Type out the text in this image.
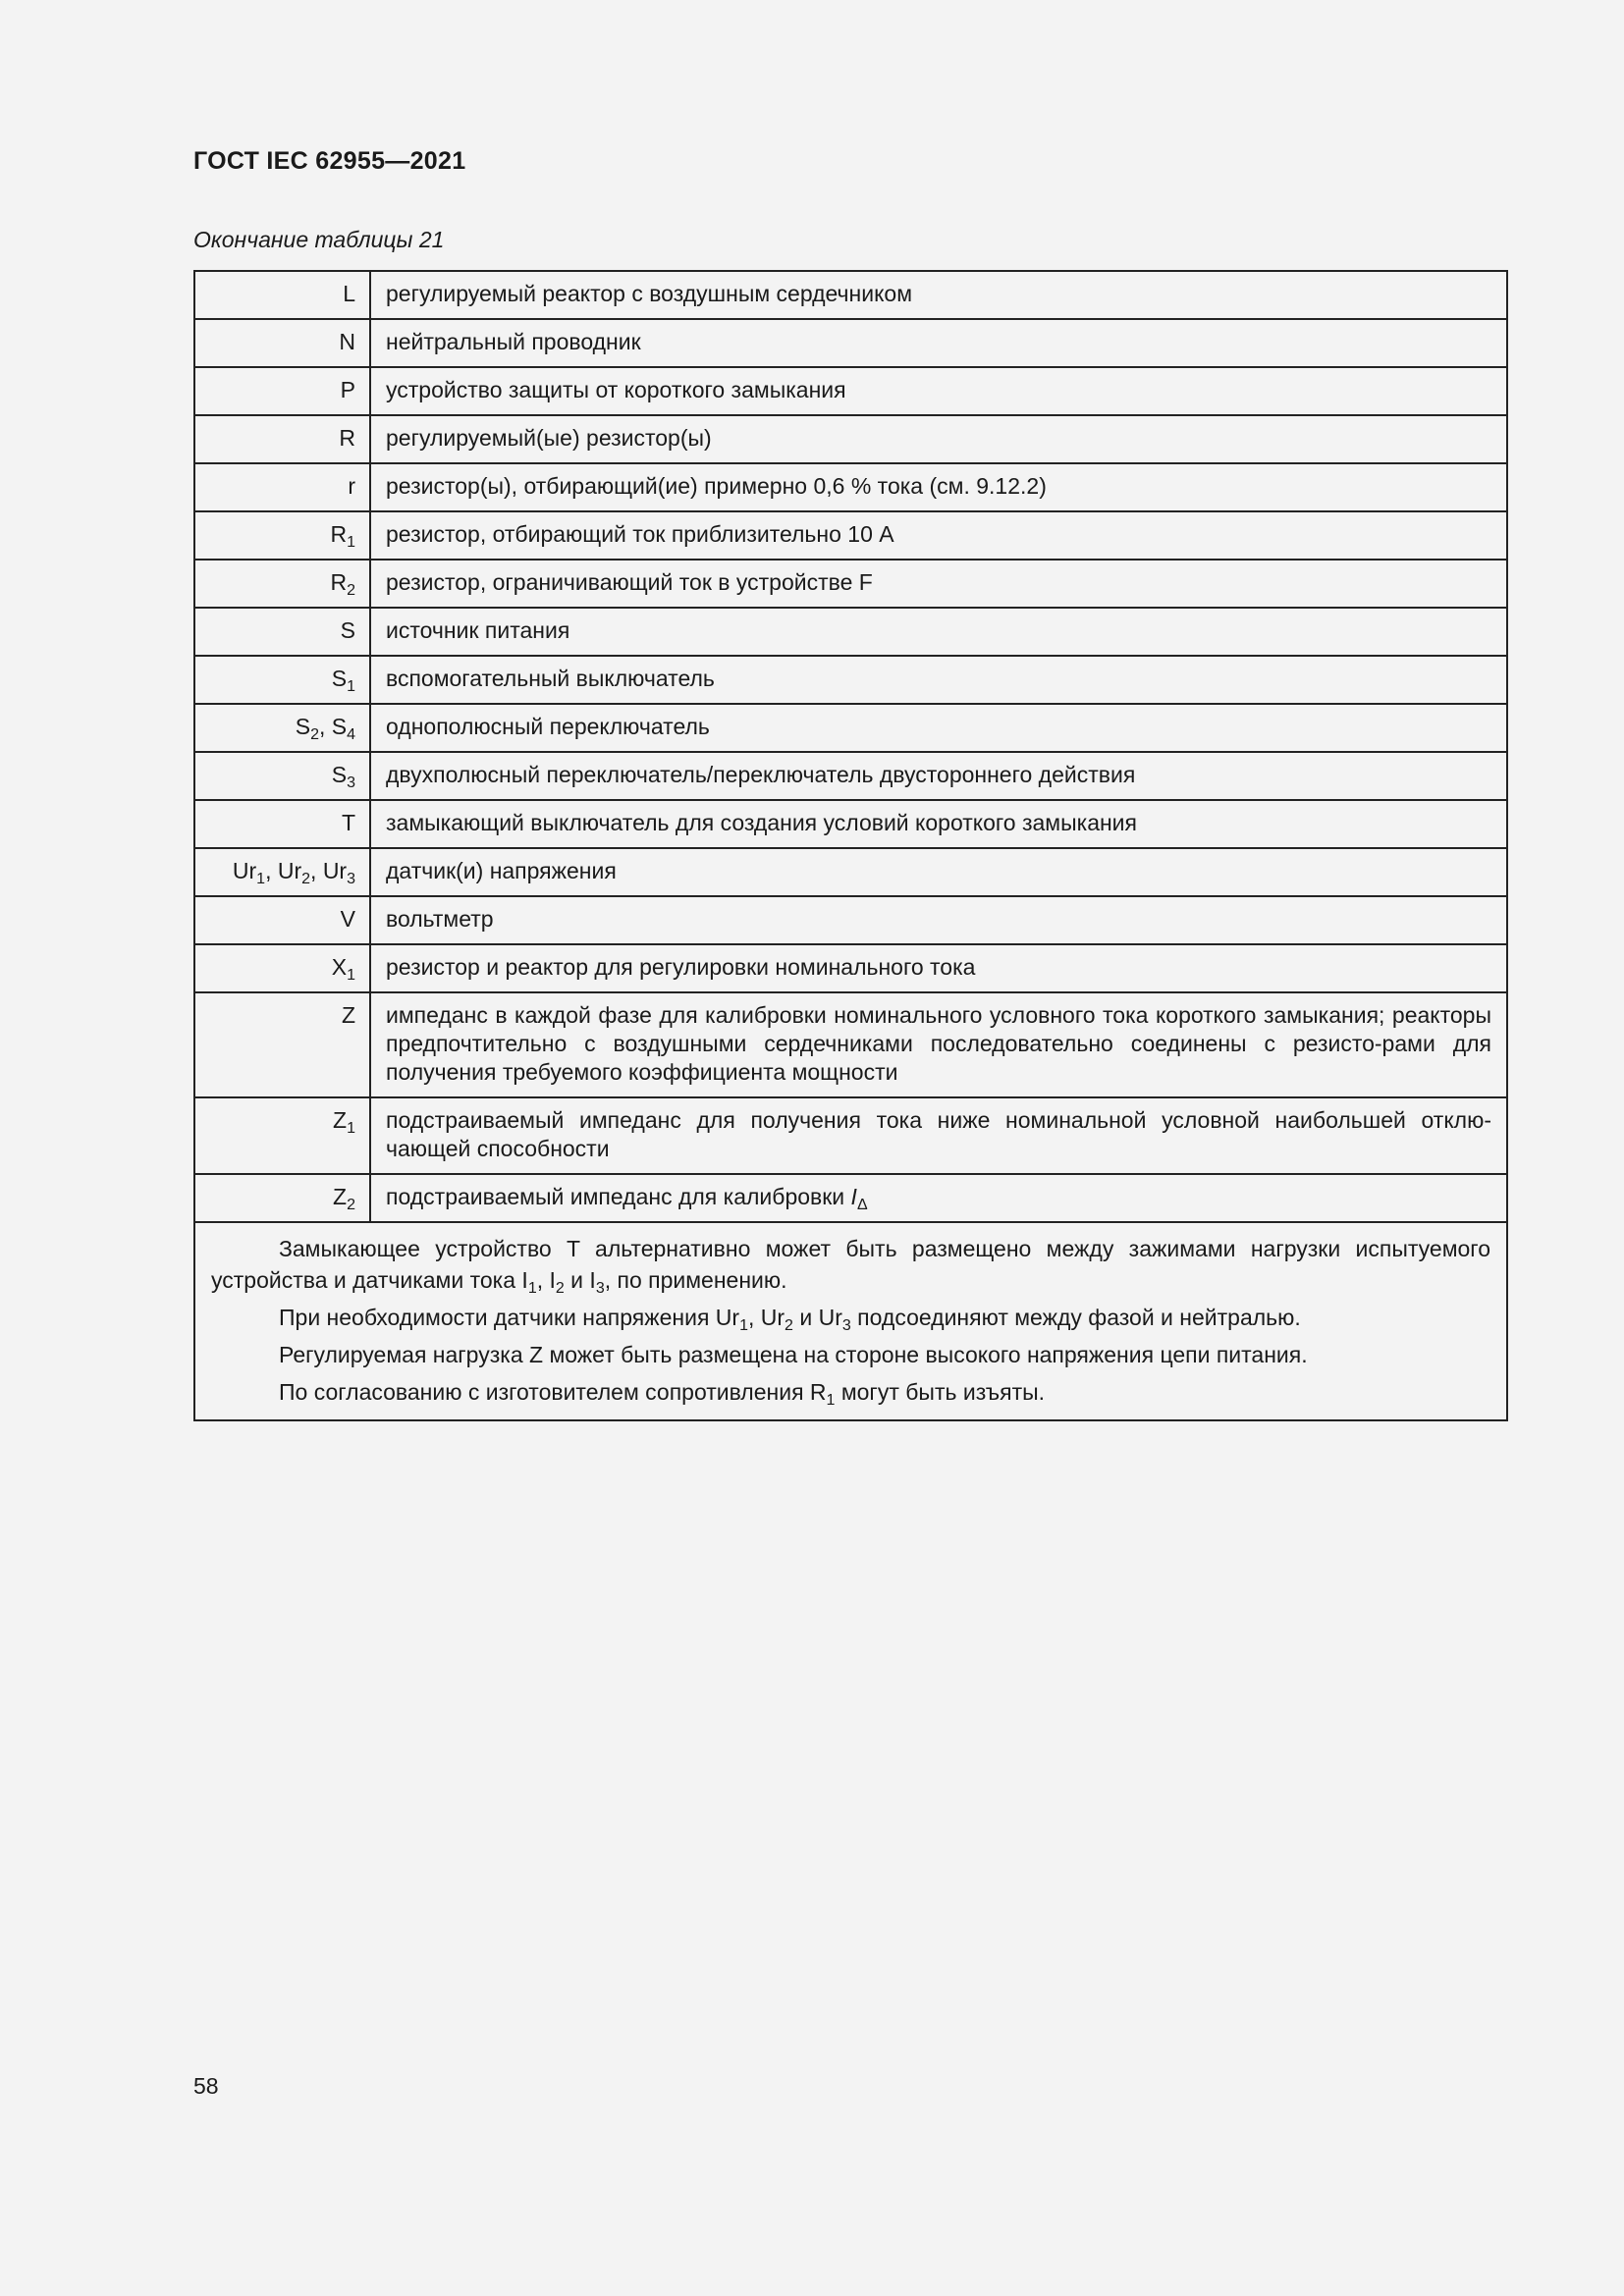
ГОСТ IEC 62955—2021
Окончание таблицы 21
L	регулируемый реактор с воздушным сердечником
N	нейтральный проводник
P	устройство защиты от короткого замыкания
R	регулируемый(ые) резистор(ы)
r	резистор(ы), отбирающий(ие) примерно 0,6 % тока (см. 9.12.2)
$R_1$	резистор, отбирающий ток приблизительно 10 А
$R_2$	резистор, ограничивающий ток в устройстве F
S	источник питания
$S_1$	вспомогательный выключатель
$S_2$, $S_4$	однополюсный переключатель
$S_3$	двухполюсный переключатель/переключатель двустороннего действия
T	замыкающий выключатель для создания условий короткого замыкания
$Ur_1$, $Ur_2$, $Ur_3$	датчик(и) напряжения
V	вольтметр
$X_1$	резистор и реактор для регулировки номинального тока
Z	импеданс в каждой фазе для калибровки номинального условного тока короткого замыкания; реакторы предпочтительно с воздушными сердечниками последовательно соединены с резисто-рами для получения требуемого коэффициента мощности
$Z_1$	подстраиваемый импеданс для получения тока ниже номинальной условной наибольшей отклю-чающей способности
$Z_2$	подстраиваемый импеданс для калибровки $I_\Delta$

Замыкающее устройство T альтернативно может быть размещено между зажимами нагрузки испытуемого устройства и датчиками тока $I_1$, $I_2$ и $I_3$, по применению.

При необходимости датчики напряжения $Ur_1$, $Ur_2$ и $Ur_3$ подсоединяют между фазой и нейтралью.

Регулируемая нагрузка Z может быть размещена на стороне высокого напряжения цепи питания.

По согласованию с изготовителем сопротивления $R_1$ могут быть изъяты.	

58
